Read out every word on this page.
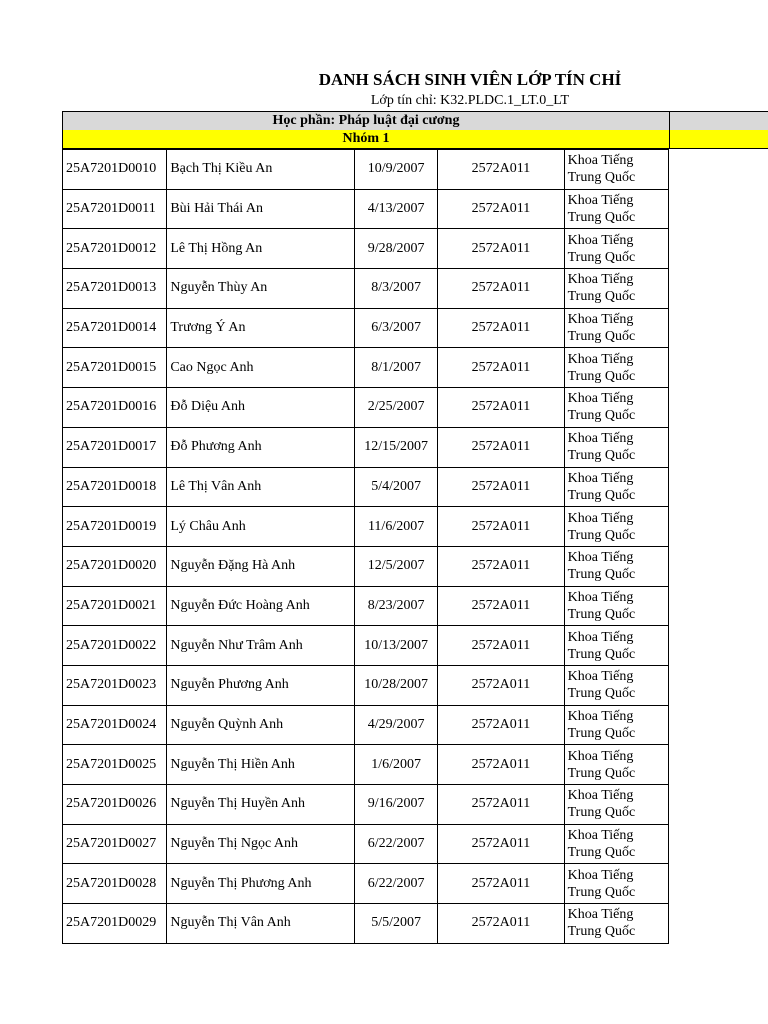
DANH SÁCH SINH VIÊN LỚP TÍN CHỈ
Lớp tín chỉ: K32.PLDC.1_LT.0_LT
Học phần: Pháp luật đại cương
Nhóm 1
25A7201D0010	Bạch Thị Kiều An	10/9/2007	2572A011	Khoa Tiếng Trung Quốc
25A7201D0011	Bùi Hải Thái An	4/13/2007	2572A011	Khoa Tiếng Trung Quốc
25A7201D0012	Lê Thị Hồng An	9/28/2007	2572A011	Khoa Tiếng Trung Quốc
25A7201D0013	Nguyễn Thùy An	8/3/2007	2572A011	Khoa Tiếng Trung Quốc
25A7201D0014	Trương Ý An	6/3/2007	2572A011	Khoa Tiếng Trung Quốc
25A7201D0015	Cao Ngọc Anh	8/1/2007	2572A011	Khoa Tiếng Trung Quốc
25A7201D0016	Đỗ Diệu Anh	2/25/2007	2572A011	Khoa Tiếng Trung Quốc
25A7201D0017	Đỗ Phương Anh	12/15/2007	2572A011	Khoa Tiếng Trung Quốc
25A7201D0018	Lê Thị Vân Anh	5/4/2007	2572A011	Khoa Tiếng Trung Quốc
25A7201D0019	Lý Châu Anh	11/6/2007	2572A011	Khoa Tiếng Trung Quốc
25A7201D0020	Nguyễn Đặng Hà Anh	12/5/2007	2572A011	Khoa Tiếng Trung Quốc
25A7201D0021	Nguyễn Đức Hoàng Anh	8/23/2007	2572A011	Khoa Tiếng Trung Quốc
25A7201D0022	Nguyễn Như Trâm Anh	10/13/2007	2572A011	Khoa Tiếng Trung Quốc
25A7201D0023	Nguyễn Phương Anh	10/28/2007	2572A011	Khoa Tiếng Trung Quốc
25A7201D0024	Nguyễn Quỳnh Anh	4/29/2007	2572A011	Khoa Tiếng Trung Quốc
25A7201D0025	Nguyễn Thị Hiền Anh	1/6/2007	2572A011	Khoa Tiếng Trung Quốc
25A7201D0026	Nguyễn Thị Huyền Anh	9/16/2007	2572A011	Khoa Tiếng Trung Quốc
25A7201D0027	Nguyễn Thị Ngọc Anh	6/22/2007	2572A011	Khoa Tiếng Trung Quốc
25A7201D0028	Nguyễn Thị Phương Anh	6/22/2007	2572A011	Khoa Tiếng Trung Quốc
25A7201D0029	Nguyễn Thị Vân Anh	5/5/2007	2572A011	Khoa Tiếng Trung Quốc
